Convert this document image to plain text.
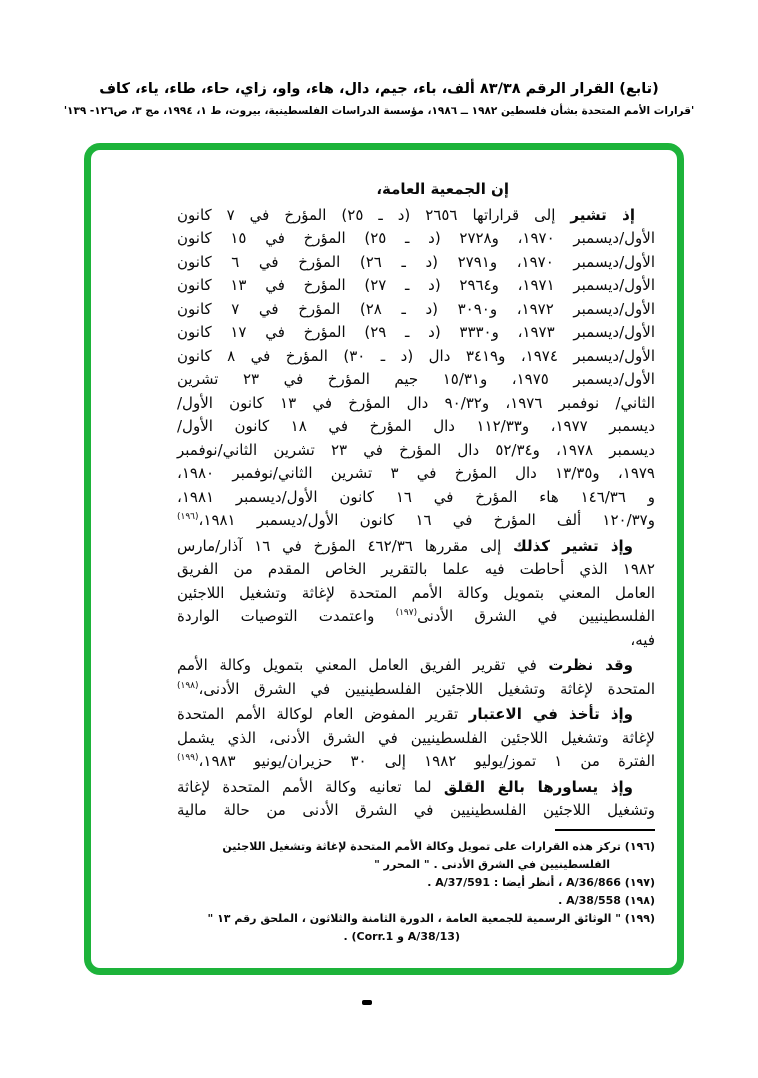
(تابع) القرار الرقم ٨٣/٣٨ ألف، باء، جيم، دال، هاء، واو، زاي، حاء، طاء، ياء، كاف
'قرارات الأمم المتحدة بشأن فلسطين ١٩٨٢ ــ ١٩٨٦، مؤسسة الدراسات الفلسطينية، بيروت، ط ١، ١٩٩٤، مج ٣، ص١٢٦- ١٣٩'
إن الجمعية العامة،
إذ تشير إلى قراراتها ٢٦٥٦ (د ـ ٢٥) المؤرخ في ٧ كانون
الأول/ديسمبر ١٩٧٠، و٢٧٢٨ (د ـ ٢٥) المؤرخ في ١٥ كانون
الأول/ديسمبر ١٩٧٠، و٢٧٩١ (د ـ ٢٦) المؤرخ في ٦ كانون
الأول/ديسمبر ١٩٧١، و٢٩٦٤ (د ـ ٢٧) المؤرخ في ١٣ كانون
الأول/ديسمبر ١٩٧٢، و٣٠٩٠ (د ـ ٢٨) المؤرخ في ٧ كانون
الأول/ديسمبر ١٩٧٣، و٣٣٣٠ (د ـ ٢٩) المؤرخ في ١٧ كانون
الأول/ديسمبر ١٩٧٤، و٣٤١٩ دال (د ـ ٣٠) المؤرخ في ٨ كانون
الأول/ديسمبر ١٩٧٥، و١٥/٣١ جيم المؤرخ في ٢٣ تشرين
الثاني/ نوفمبر ١٩٧٦، و٩٠/٣٢ دال المؤرخ في ١٣ كانون الأول/
ديسمبر ١٩٧٧، و١١٢/٣٣ دال المؤرخ في ١٨ كانون الأول/
ديسمبر ١٩٧٨، و٥٢/٣٤ دال المؤرخ في ٢٣ تشرين الثاني/نوفمبر
١٩٧٩، و١٣/٣٥ دال المؤرخ في ٣ تشرين الثاني/نوفمبر ١٩٨٠،
و ١٤٦/٣٦ هاء المؤرخ في ١٦ كانون الأول/ديسمبر ١٩٨١،
و١٢٠/٣٧ ألف المؤرخ في ١٦ كانون الأول/ديسمبر ١٩٨١،$^{(١٩٦)}$
وإذ تشير كذلك إلى مقررها ٤٦٢/٣٦ المؤرخ في ١٦ آذار/مارس
١٩٨٢ الذي أحاطت فيه علما بالتقرير الخاص المقدم من الفريق
العامل المعني بتمويل وكالة الأمم المتحدة لإغاثة وتشغيل اللاجئين
الفلسطينيين في الشرق الأدنى$^{(١٩٧)}$ واعتمدت التوصيات الواردة
فيه،
وقد نظرت في تقرير الفريق العامل المعني بتمويل وكالة الأمم
المتحدة لإغاثة وتشغيل اللاجئين الفلسطينيين في الشرق الأدنى،$^{(١٩٨)}$
وإذ تأخذ في الاعتبار تقرير المفوض العام لوكالة الأمم المتحدة
لإغاثة وتشغيل اللاجئين الفلسطينيين في الشرق الأدنى، الذي يشمل
الفترة من ١ تموز/يوليو ١٩٨٢ إلى ٣٠ حزيران/يونيو ١٩٨٣،$^{(١٩٩)}$
وإذ يساورها بالغ القلق لما تعانيه وكالة الأمم المتحدة لإغاثة
وتشغيل اللاجئين الفلسطينيين في الشرق الأدنى من حالة مالية
(١٩٦) تركز هذه القرارات على تمويل وكالة الأمم المتحدة لإغاثة وتشغيل اللاجئين
الفلسطينيين في الشرق الأدنى . " المحرر "
(١٩٧) A/36/866 ، أنظر أيضا : A/37/591 .
(١٩٨) A/38/558 .
(١٩٩) " الوثائق الرسمية للجمعية العامة ، الدورة الثامنة والثلاثون ، الملحق رقم ١٣ "
(A/38/13 و Corr.1) .
